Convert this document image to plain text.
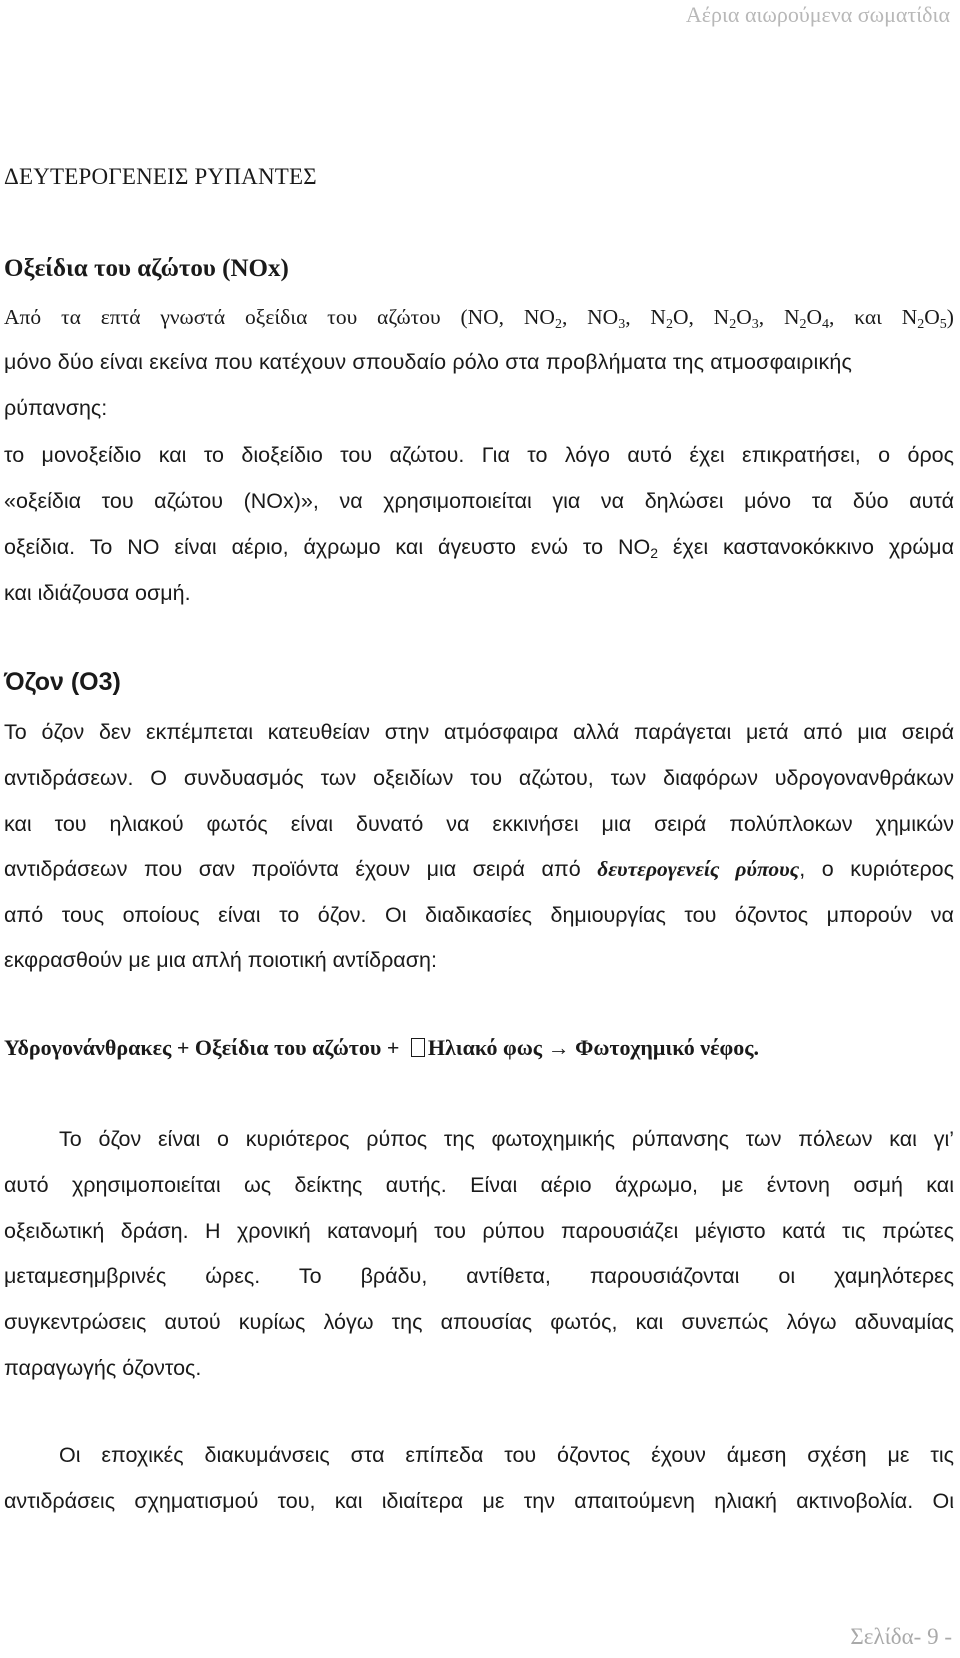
Αέρια αιωρούμενα σωματίδια
ΔΕΥΤΕΡΟΓΕΝΕΙΣ ΡΥΠΑΝΤΕΣ
Οξείδια του αζώτου (NOx)
Από τα επτά γνωστά οξείδια του αζώτου (NO, $NO_2$, $NO_3$, $N_2O$, $N_2O_3$, $N_2O_4$, και $N_2O_5$)
μόνο δύο είναι εκείνα που κατέχουν σπουδαίο ρόλο στα προβλήματα της ατμοσφαιρικής
ρύπανσης:
το μονοξείδιο και το διοξείδιο του αζώτου. Για το λόγο αυτό έχει επικρατήσει, ο όρος
«οξείδια του αζώτου (NOx)», να χρησιμοποιείται για να δηλώσει μόνο τα δύο αυτά
οξείδια. Το NO είναι αέριο, άχρωμο και άγευστο ενώ το $NO_2$ έχει καστανοκόκκινο χρώμα
και ιδιάζουσα οσμή.
Όζον (O3)
Το όζον δεν εκπέμπεται κατευθείαν στην ατμόσφαιρα αλλά παράγεται μετά από μια σειρά
αντιδράσεων. Ο συνδυασμός των οξειδίων του αζώτου, των διαφόρων υδρογονανθράκων
και του ηλιακού φωτός είναι δυνατό να εκκινήσει μια σειρά πολύπλοκων χημικών
αντιδράσεων που σαν προϊόντα έχουν μια σειρά από δευτερογενείς ρύπους, ο κυριότερος
από τους οποίους είναι το όζον. Οι διαδικασίες δημιουργίας του όζοντος μπορούν να
εκφρασθούν με μια απλή ποιοτική αντίδραση:
Υδρογονάνθρακες + Οξείδια του αζώτου + Ηλιακό φως → Φωτοχημικό νέφος.
Το όζον είναι ο κυριότερος ρύπος της φωτοχημικής ρύπανσης των πόλεων και γι’
αυτό χρησιμοποιείται ως δείκτης αυτής. Είναι αέριο άχρωμο, με έντονη οσμή και
οξειδωτική δράση. Η χρονική κατανομή του ρύπου παρουσιάζει μέγιστο κατά τις πρώτες
μεταμεσημβρινές ώρες. Το βράδυ, αντίθετα, παρουσιάζονται οι χαμηλότερες
συγκεντρώσεις αυτού κυρίως λόγω της απουσίας φωτός, και συνεπώς λόγω αδυναμίας
παραγωγής όζοντος.
Οι εποχικές διακυμάνσεις στα επίπεδα του όζοντος έχουν άμεση σχέση με τις
αντιδράσεις σχηματισμού του, και ιδιαίτερα με την απαιτούμενη ηλιακή ακτινοβολία. Οι
Σελίδα- 9 -
